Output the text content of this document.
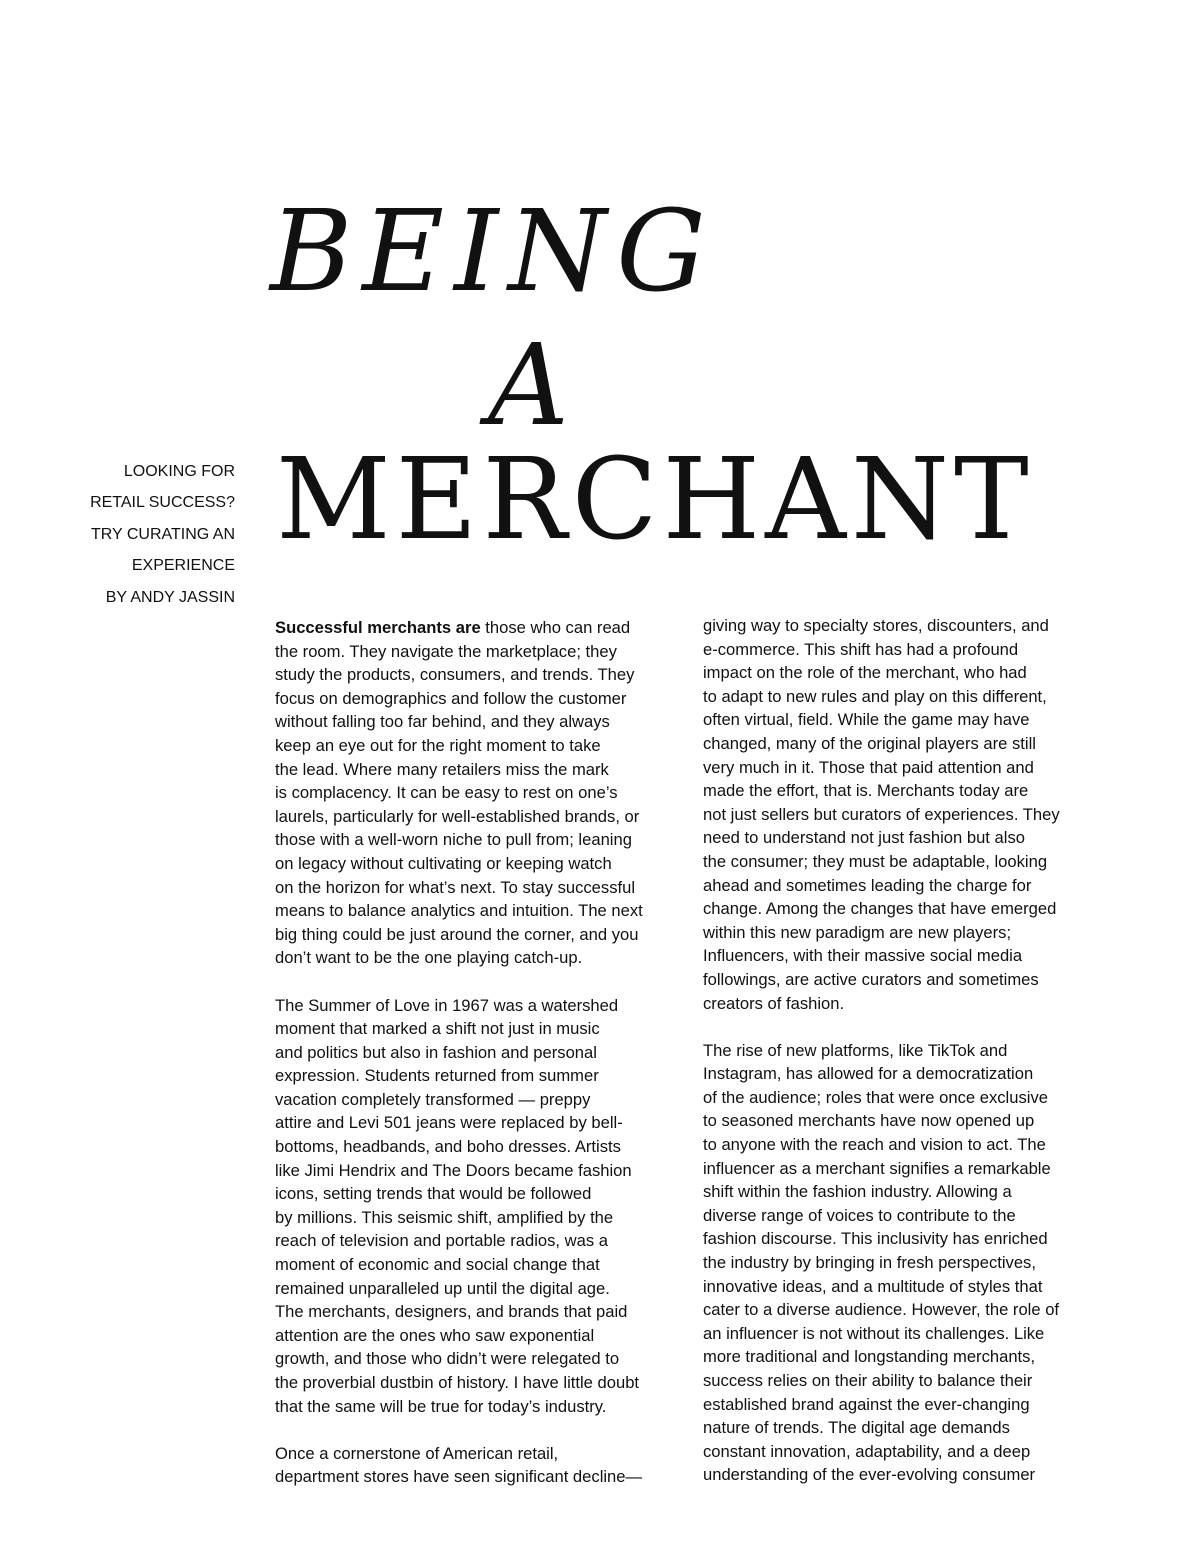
BEING
A
MERCHANT
LOOKING FOR
RETAIL SUCCESS?
TRY CURATING AN
EXPERIENCE
BY ANDY JASSIN
Successful merchants are those who can read
the room. They navigate the marketplace; they
study the products, consumers, and trends. They
focus on demographics and follow the customer
without falling too far behind, and they always
keep an eye out for the right moment to take
the lead. Where many retailers miss the mark
is complacency. It can be easy to rest on one’s
laurels, particularly for well-established brands, or
those with a well-worn niche to pull from; leaning
on legacy without cultivating or keeping watch
on the horizon for what’s next. To stay successful
means to balance analytics and intuition. The next
big thing could be just around the corner, and you
don’t want to be the one playing catch-up.
The Summer of Love in 1967 was a watershed
moment that marked a shift not just in music
and politics but also in fashion and personal
expression. Students returned from summer
vacation completely transformed — preppy
attire and Levi 501 jeans were replaced by bell-
bottoms, headbands, and boho dresses. Artists
like Jimi Hendrix and The Doors became fashion
icons, setting trends that would be followed
by millions. This seismic shift, amplified by the
reach of television and portable radios, was a
moment of economic and social change that
remained unparalleled up until the digital age.
The merchants, designers, and brands that paid
attention are the ones who saw exponential
growth, and those who didn’t were relegated to
the proverbial dustbin of history. I have little doubt
that the same will be true for today’s industry.
Once a cornerstone of American retail,
department stores have seen significant decline—
giving way to specialty stores, discounters, and
e-commerce. This shift has had a profound
impact on the role of the merchant, who had
to adapt to new rules and play on this different,
often virtual, field. While the game may have
changed, many of the original players are still
very much in it. Those that paid attention and
made the effort, that is. Merchants today are
not just sellers but curators of experiences. They
need to understand not just fashion but also
the consumer; they must be adaptable, looking
ahead and sometimes leading the charge for
change. Among the changes that have emerged
within this new paradigm are new players;
Influencers, with their massive social media
followings, are active curators and sometimes
creators of fashion.
The rise of new platforms, like TikTok and
Instagram, has allowed for a democratization
of the audience; roles that were once exclusive
to seasoned merchants have now opened up
to anyone with the reach and vision to act. The
influencer as a merchant signifies a remarkable
shift within the fashion industry. Allowing a
diverse range of voices to contribute to the
fashion discourse. This inclusivity has enriched
the industry by bringing in fresh perspectives,
innovative ideas, and a multitude of styles that
cater to a diverse audience. However, the role of
an influencer is not without its challenges. Like
more traditional and longstanding merchants,
success relies on their ability to balance their
established brand against the ever-changing
nature of trends. The digital age demands
constant innovation, adaptability, and a deep
understanding of the ever-evolving consumer
